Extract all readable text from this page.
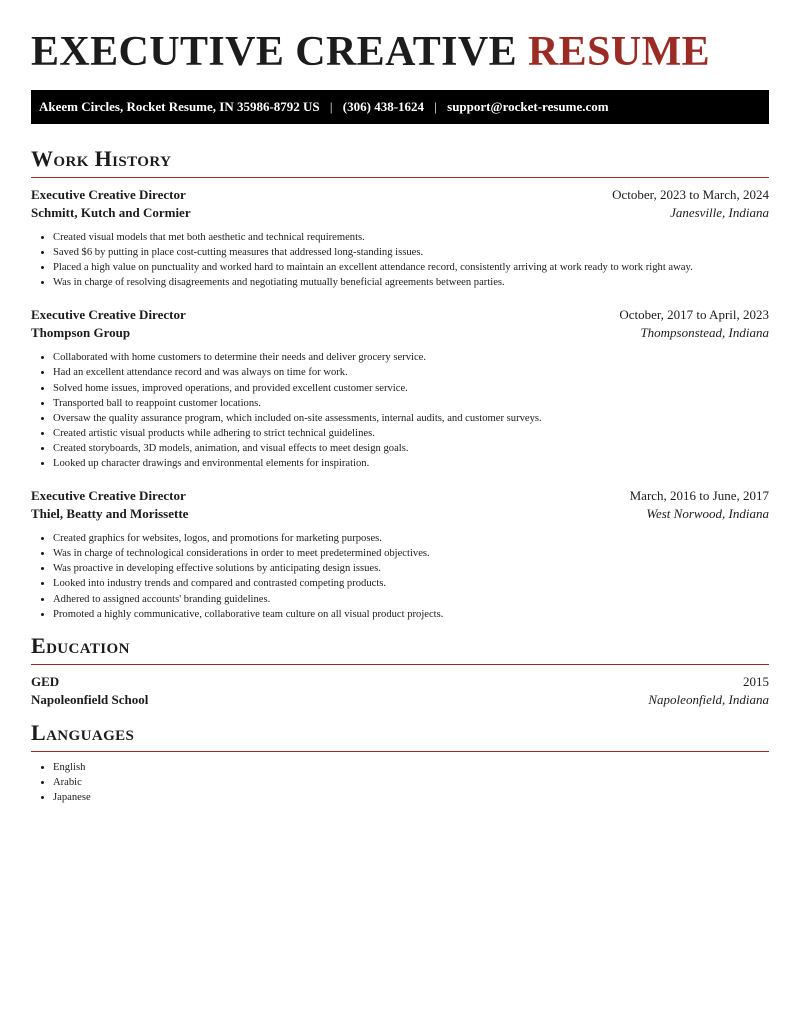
EXECUTIVE CREATIVE RESUME
Akeem Circles, Rocket Resume, IN 35986-8792 US | (306) 438-1624 | support@rocket-resume.com
Work History
Executive Creative Director	October, 2023 to March, 2024
Schmitt, Kutch and Cormier	Janesville, Indiana
• Created visual models that met both aesthetic and technical requirements.
• Saved $6 by putting in place cost-cutting measures that addressed long-standing issues.
• Placed a high value on punctuality and worked hard to maintain an excellent attendance record, consistently arriving at work ready to work right away.
• Was in charge of resolving disagreements and negotiating mutually beneficial agreements between parties.
Executive Creative Director	October, 2017 to April, 2023
Thompson Group	Thompsonstead, Indiana
• Collaborated with home customers to determine their needs and deliver grocery service.
• Had an excellent attendance record and was always on time for work.
• Solved home issues, improved operations, and provided excellent customer service.
• Transported ball to reappoint customer locations.
• Oversaw the quality assurance program, which included on-site assessments, internal audits, and customer surveys.
• Created artistic visual products while adhering to strict technical guidelines.
• Created storyboards, 3D models, animation, and visual effects to meet design goals.
• Looked up character drawings and environmental elements for inspiration.
Executive Creative Director	March, 2016 to June, 2017
Thiel, Beatty and Morissette	West Norwood, Indiana
• Created graphics for websites, logos, and promotions for marketing purposes.
• Was in charge of technological considerations in order to meet predetermined objectives.
• Was proactive in developing effective solutions by anticipating design issues.
• Looked into industry trends and compared and contrasted competing products.
• Adhered to assigned accounts' branding guidelines.
• Promoted a highly communicative, collaborative team culture on all visual product projects.
Education
GED	2015
Napoleonfield School	Napoleonfield, Indiana
Languages
• English
• Arabic
• Japanese
